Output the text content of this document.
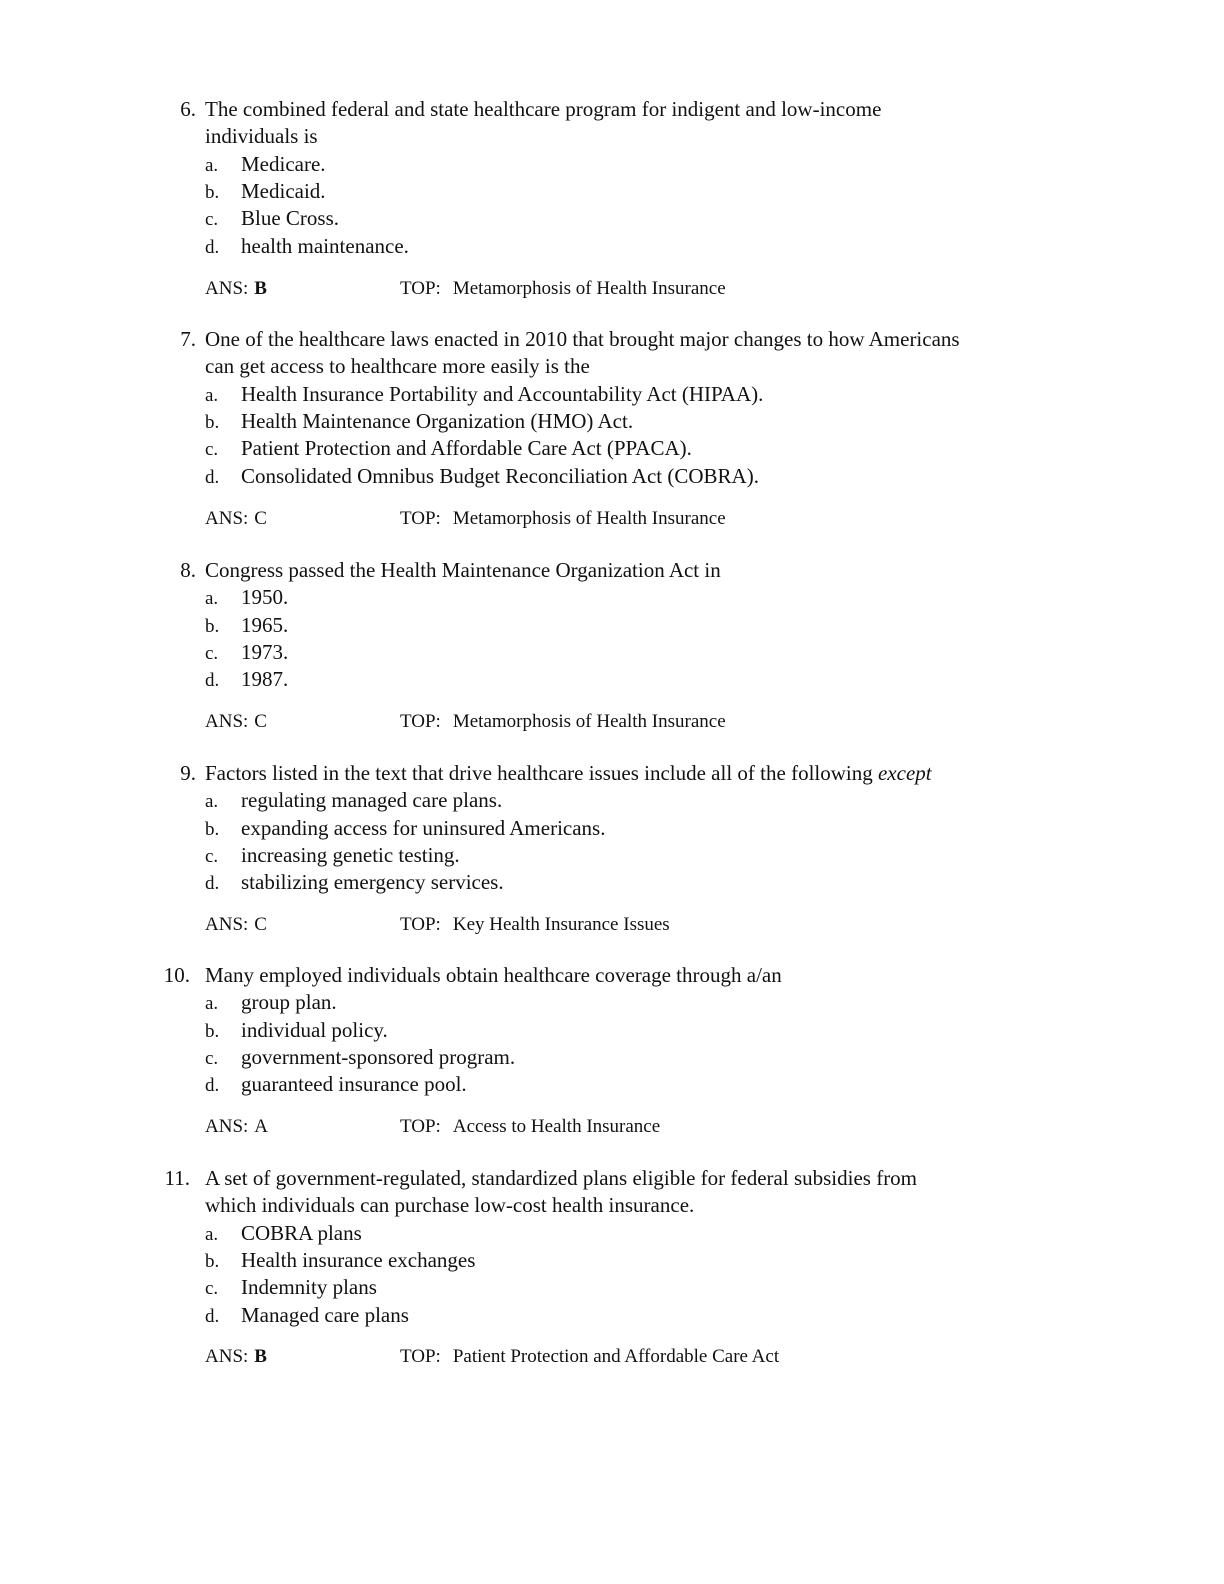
6. The combined federal and state healthcare program for indigent and low-income
individuals is
a. Medicare.
b. Medicaid.
c. Blue Cross.
d. health maintenance.
ANS: B	TOP: Metamorphosis of Health Insurance
7. One of the healthcare laws enacted in 2010 that brought major changes to how Americans
can get access to healthcare more easily is the
a. Health Insurance Portability and Accountability Act (HIPAA).
b. Health Maintenance Organization (HMO) Act.
c. Patient Protection and Affordable Care Act (PPACA).
d. Consolidated Omnibus Budget Reconciliation Act (COBRA).
ANS: C	TOP: Metamorphosis of Health Insurance
8. Congress passed the Health Maintenance Organization Act in
a. 1950.
b. 1965.
c. 1973.
d. 1987.
ANS: C	TOP: Metamorphosis of Health Insurance
9. Factors listed in the text that drive healthcare issues include all of the following except
a. regulating managed care plans.
b. expanding access for uninsured Americans.
c. increasing genetic testing.
d. stabilizing emergency services.
ANS: C	TOP: Key Health Insurance Issues
10. Many employed individuals obtain healthcare coverage through a/an
a. group plan.
b. individual policy.
c. government-sponsored program.
d. guaranteed insurance pool.
ANS: A	TOP: Access to Health Insurance
11. A set of government-regulated, standardized plans eligible for federal subsidies from
which individuals can purchase low-cost health insurance.
a. COBRA plans
b. Health insurance exchanges
c. Indemnity plans
d. Managed care plans
ANS: B	TOP: Patient Protection and Affordable Care Act
